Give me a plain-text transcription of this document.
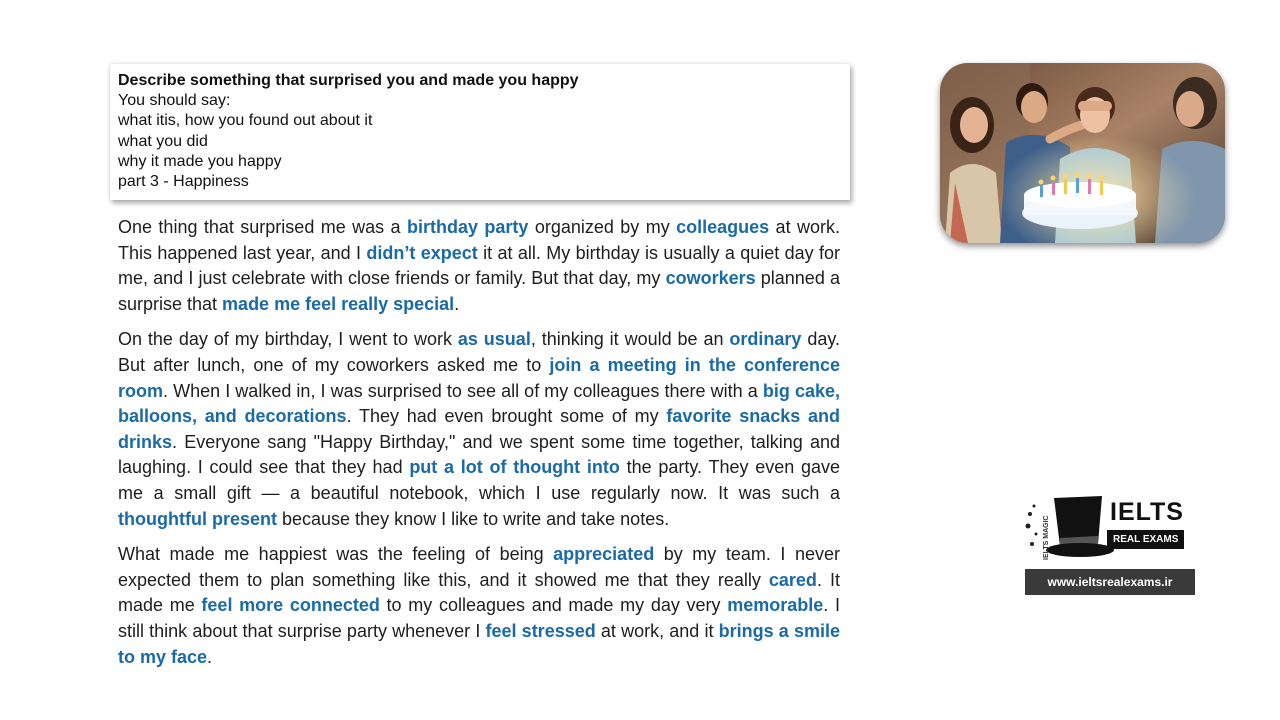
Describe something that surprised you and made you happy
You should say:
what itis, how you found out about it
what you did
why it made you happy
part 3 - Happiness

One thing that surprised me was a birthday party organized by my colleagues at work. This happened last year, and I didn’t expect it at all. My birthday is usually a quiet day for me, and I just celebrate with close friends or family. But that day, my coworkers planned a surprise that made me feel really special.

On the day of my birthday, I went to work as usual, thinking it would be an ordinary day. But after lunch, one of my coworkers asked me to join a meeting in the conference room. When I walked in, I was surprised to see all of my colleagues there with a big cake, balloons, and decorations. They had even brought some of my favorite snacks and drinks. Everyone sang "Happy Birthday," and we spent some time together, talking and laughing. I could see that they had put a lot of thought into the party. They even gave me a small gift — a beautiful notebook, which I use regularly now. It was such a thoughtful present because they know I like to write and take notes.

What made me happiest was the feeling of being appreciated by my team. I never expected them to plan something like this, and it showed me that they really cared. It made me feel more connected to my colleagues and made my day very memorable. I still think about that surprise party whenever I feel stressed at work, and it brings a smile to my face.

IELTS MAGIC
IELTS
REAL EXAMS
www.ieltsrealexams.ir
